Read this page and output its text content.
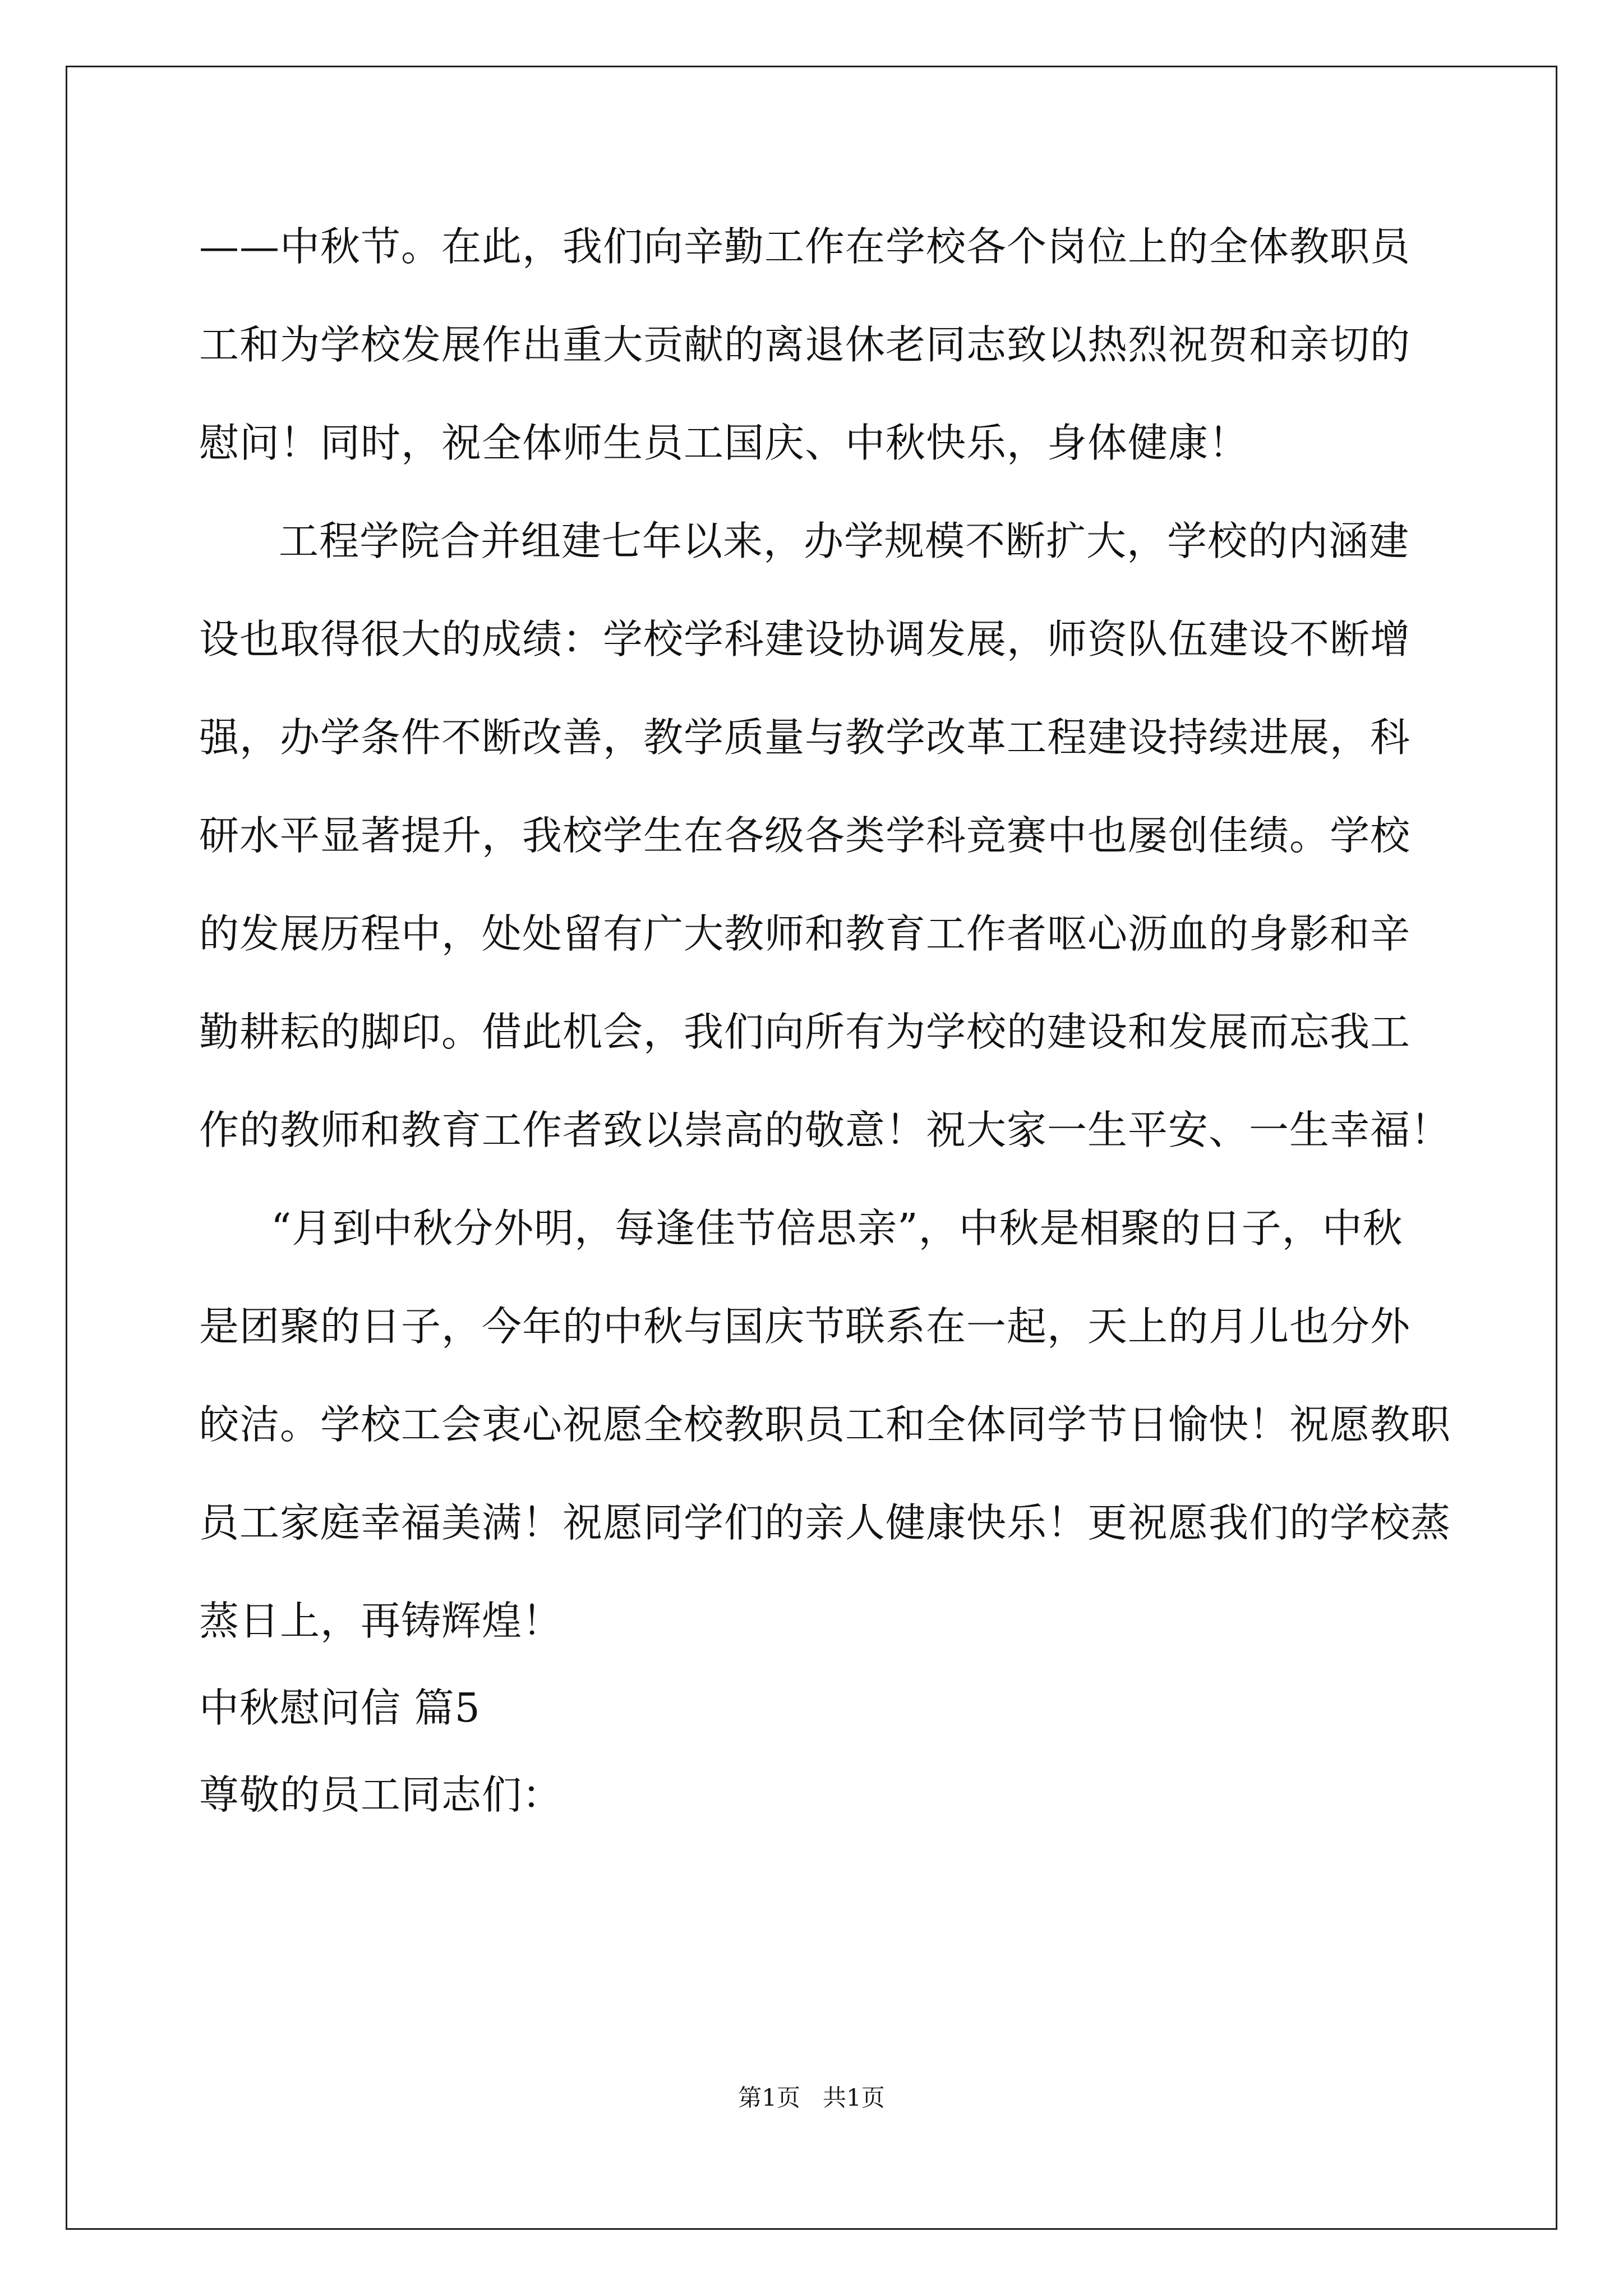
——中秋节。在此，我们向辛勤工作在学校各个岗位上的全体教职员
工和为学校发展作出重大贡献的离退休老同志致以热烈祝贺和亲切的
慰问！同时，祝全体师生员工国庆、中秋快乐，身体健康！
工程学院合并组建七年以来，办学规模不断扩大，学校的内涵建
设也取得很大的成绩：学校学科建设协调发展，师资队伍建设不断增
强，办学条件不断改善，教学质量与教学改革工程建设持续进展，科
研水平显著提升，我校学生在各级各类学科竞赛中也屡创佳绩。学校
的发展历程中，处处留有广大教师和教育工作者呕心沥血的身影和辛
勤耕耘的脚印。借此机会，我们向所有为学校的建设和发展而忘我工
作的教师和教育工作者致以崇高的敬意！祝大家一生平安、一生幸福！
“月到中秋分外明，每逢佳节倍思亲”，中秋是相聚的日子，中秋
是团聚的日子，今年的中秋与国庆节联系在一起，天上的月儿也分外
皎洁。学校工会衷心祝愿全校教职员工和全体同学节日愉快！祝愿教职
员工家庭幸福美满！祝愿同学们的亲人健康快乐！更祝愿我们的学校蒸
蒸日上，再铸辉煌！
中秋慰问信 篇5
尊敬的员工同志们：
第1页   共1页
